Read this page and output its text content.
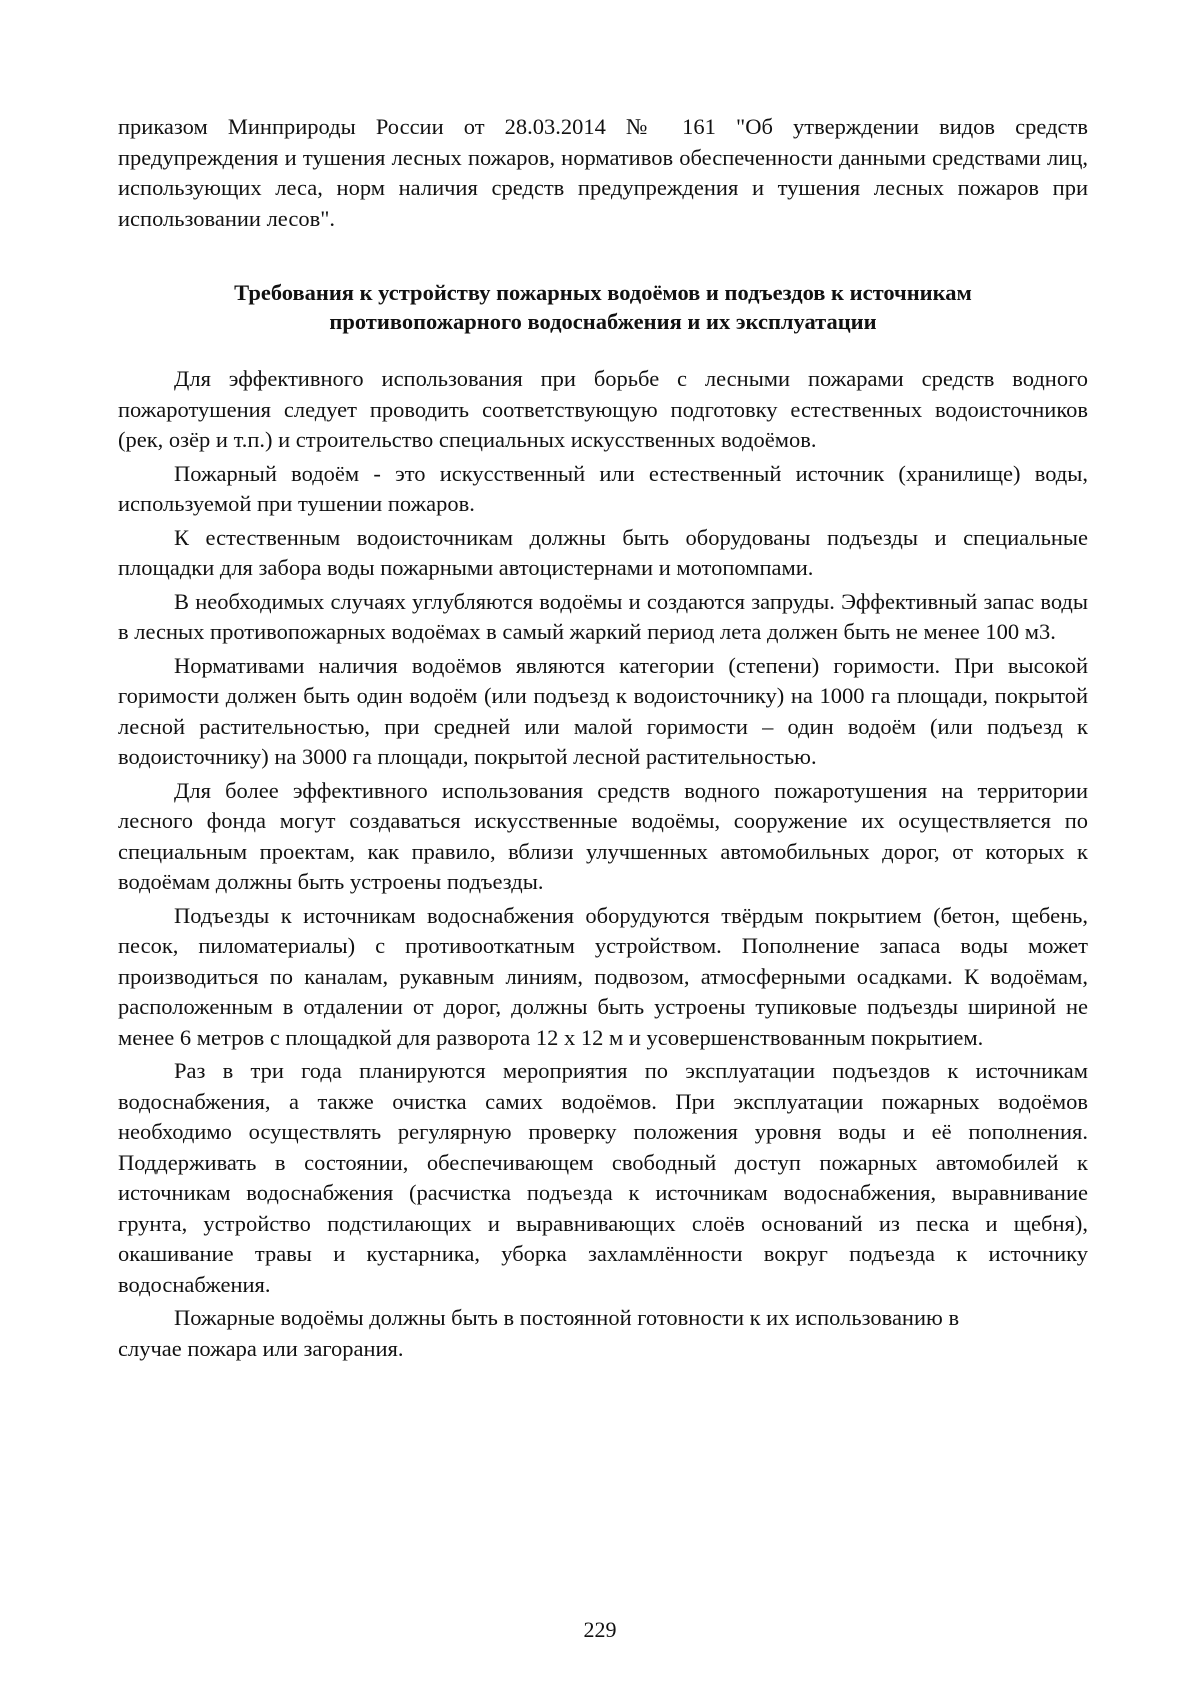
приказом Минприроды России от 28.03.2014 № 161 "Об утверждении видов средств предупреждения и тушения лесных пожаров, нормативов обеспеченности данными средствами лиц, использующих леса, норм наличия средств предупреждения и тушения лесных пожаров при использовании лесов".

Требования к устройству пожарных водоёмов и подъездов к источникам
противопожарного водоснабжения и их эксплуатации

Для эффективного использования при борьбе с лесными пожарами средств водного пожаротушения следует проводить соответствующую подготовку естественных водоисточников (рек, озёр и т.п.) и строительство специальных искусственных водоёмов.

Пожарный водоём - это искусственный или естественный источник (хранилище) воды, используемой при тушении пожаров.

К естественным водоисточникам должны быть оборудованы подъезды и специальные площадки для забора воды пожарными автоцистернами и мотопомпами.

В необходимых случаях углубляются водоёмы и создаются запруды. Эффективный запас воды в лесных противопожарных водоёмах в самый жаркий период лета должен быть не менее 100 м3.

Нормативами наличия водоёмов являются категории (степени) горимости. При высокой горимости должен быть один водоём (или подъезд к водоисточнику) на 1000 га площади, покрытой лесной растительностью, при средней или малой горимости – один водоём (или подъезд к водоисточнику) на 3000 га площади, покрытой лесной растительностью.

Для более эффективного использования средств водного пожаротушения на территории лесного фонда могут создаваться искусственные водоёмы, сооружение их осуществляется по специальным проектам, как правило, вблизи улучшенных автомобильных дорог, от которых к водоёмам должны быть устроены подъезды.

Подъезды к источникам водоснабжения оборудуются твёрдым покрытием (бетон, щебень, песок, пиломатериалы) с противооткатным устройством. Пополнение запаса воды может производиться по каналам, рукавным линиям, подвозом, атмосферными осадками. К водоёмам, расположенным в отдалении от дорог, должны быть устроены тупиковые подъезды шириной не менее 6 метров с площадкой для разворота 12 х 12 м и усовершенствованным покрытием.

Раз в три года планируются мероприятия по эксплуатации подъездов к источникам водоснабжения, а также очистка самих водоёмов. При эксплуатации пожарных водоёмов необходимо осуществлять регулярную проверку положения уровня воды и её пополнения. Поддерживать в состоянии, обеспечивающем свободный доступ пожарных автомобилей к источникам водоснабжения (расчистка подъезда к источникам водоснабжения, выравнивание грунта, устройство подстилающих и выравнивающих слоёв оснований из песка и щебня), окашивание травы и кустарника, уборка захламлённости вокруг подъезда к источнику водоснабжения.

Пожарные водоёмы должны быть в постоянной готовности к их использованию в случае пожара или загорания.

229
